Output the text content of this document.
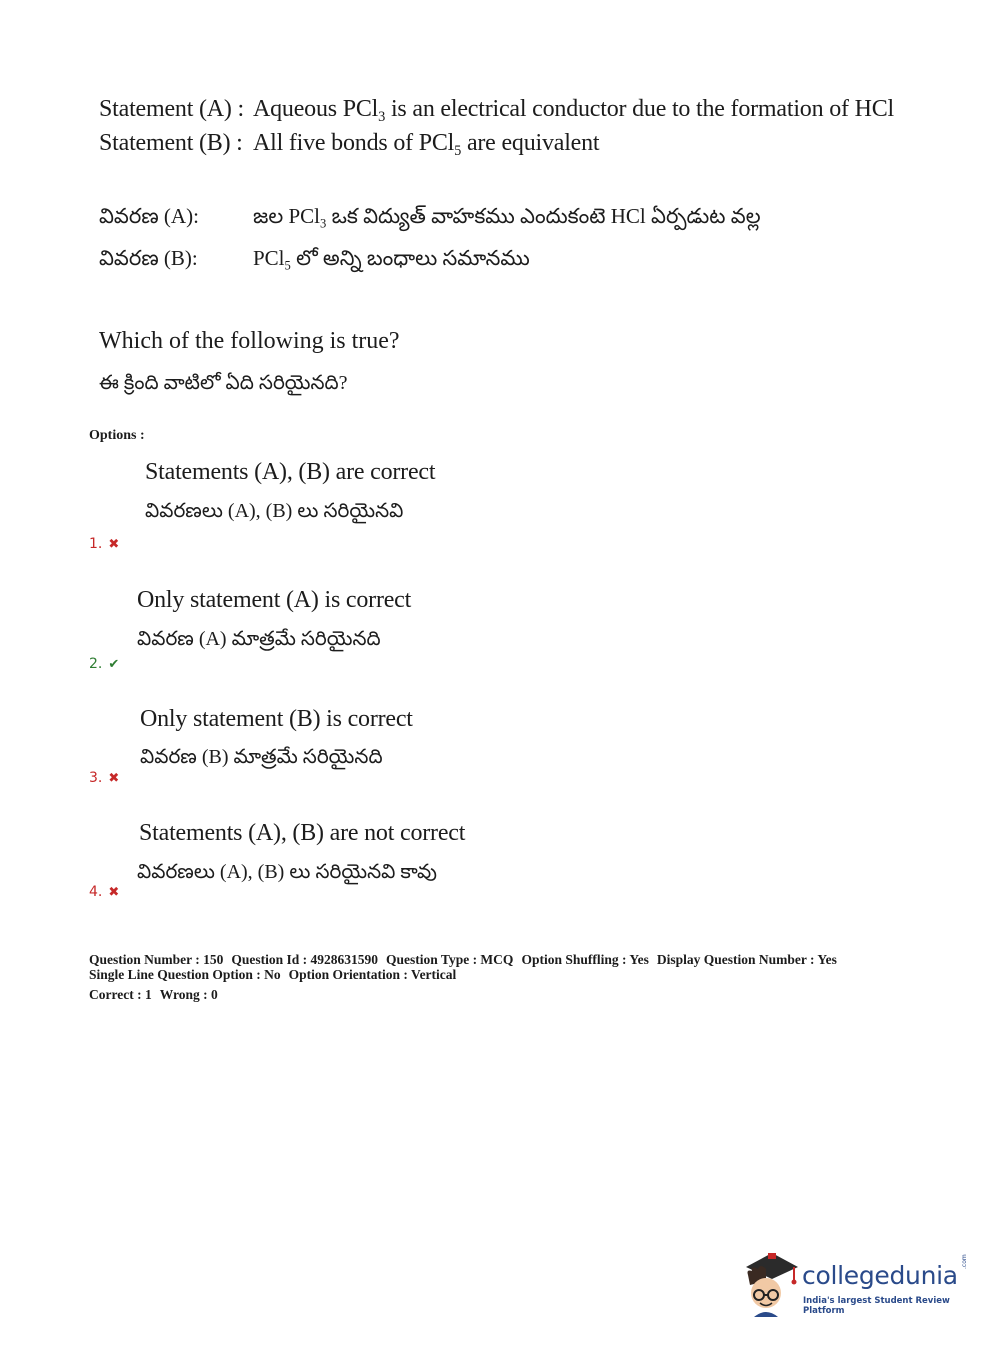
Statement (A) : Aqueous PCl$_3$ is an electrical conductor due to the formation of HCl
Statement (B) : All five bonds of PCl$_5$ are equivalent
వివరణ (A):	జల PCl$_3$ ఒక విద్యుత్ వాహకము ఎందుకంటె HCl ఏర్పడుట వల్ల
వివరణ (B):	PCl$_5$ లో అన్ని బంధాలు సమానము
Which of the following is true?
ఈ క్రింది వాటిలో ఏది సరియైనది?
Options :
Statements (A), (B) are correct
వివరణలు (A), (B) లు సరియైనవి
1. ✖
Only statement (A) is correct
వివరణ (A) మాత్రమే సరియైనది
2. ✔
Only statement (B) is correct
వివరణ (B) మాత్రమే సరియైనది
3. ✖
Statements (A), (B) are not correct
వివరణలు (A), (B) లు సరియైనవి కావు
4. ✖
Question Number : 150 Question Id : 4928631590 Question Type : MCQ Option Shuffling : Yes Display Question Number : Yes
Single Line Question Option : No Option Orientation : Vertical
Correct : 1 Wrong : 0
collegedunia .com
India's largest Student Review Platform
